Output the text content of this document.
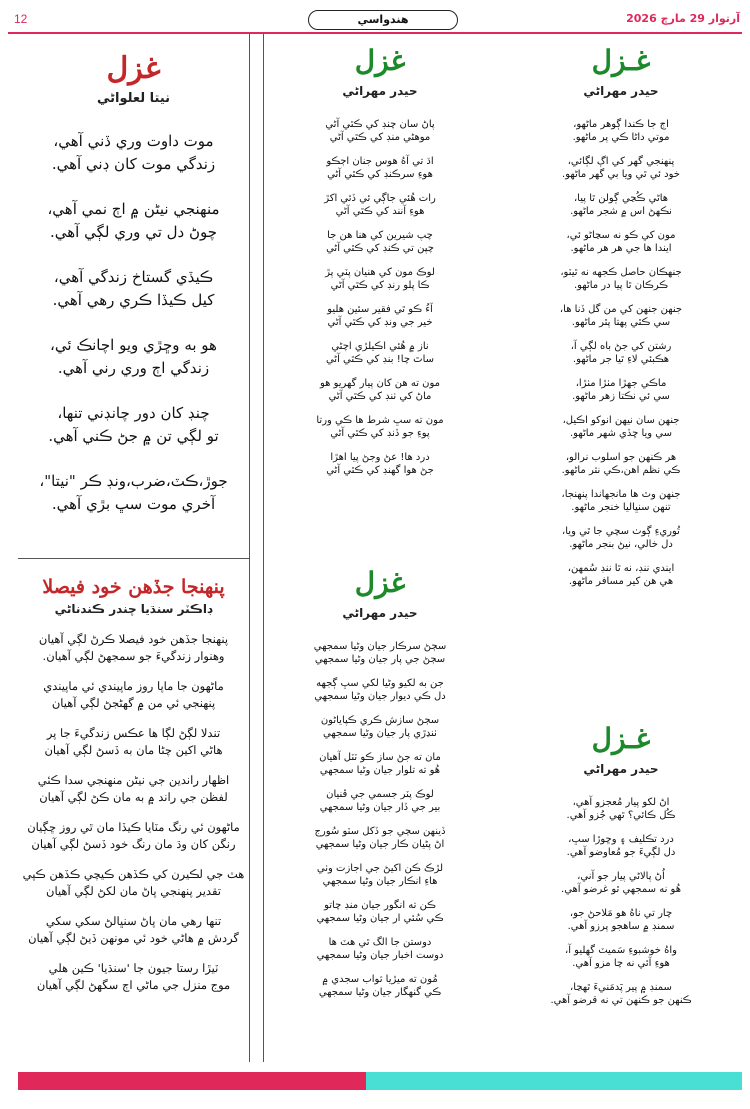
12	هندواسي	آرتوار 29 مارچ 2026
غزل
نيتا لعلواڻي
موت داوت وري ڏني آهي،
زندگي موت کان ڊني آهي.
منهنجي نيڻن ۾ اڄ نمي آهي،
چوڻ دل تي وري لڳي آهي.
ڪيڏي گستاخ زندگي آهي،
کيل ڪيڏا ڪري رهي آهي.
هو به وڇڙي ويو اچانڪ ئي،
زندگي اڄ وري رني آهي.
چنڊ کان دور چانڊني تنها،
تو لڳي تن ۾ جڻ ڪني آهي.
جوڙ،ڪٽ،ضرب،ونڊ ڪر "نيتا"،
آخري موت سڀ بڙي آهي.
پنهنجا جڏهن خود فيصلا
ڊاڪٽر سنڌيا چندر ڪندناڻي
پنهنجا جڏهن خود فيصلا ڪرڻ لڳي آهيان
وهنوار زندگيءَ جو سمجهڻ لڳي آهيان.
ماڻهون جا ماپا روز ماپيندي ئي ماپيندي
پنهنجي ئي من ۾ گهڻجڻ لڳي آهيان
تندلا لڳڻ لڳا ها عڪس زندگيءَ جا پر
هاڻي اکين چڻا مان به ڏسڻ لڳي آهيان
اظهار راندين جي نيڻن منهنجي سدا ڪئي
لفظن جي راند ۾ به مان ڪڻ لڳي آهيان
ماڻهون ئي رنگ مٽايا ڪيڏا مان ٿي روز ڇڳيان
رنگن کان وڌ مان رنگ خود ڏسڻ لڳي آهيان
هٽ جي لڪيرن کي ڪڏهن ڪيچي ڪڏهن ڪپي
تقدير پنهنجي پاڻ مان لکڻ لڳي آهيان
تنها رهي مان پاڻ سنڀالڻ سکي سکي
گردش ۾ هاڻي خود ئي مونهن ڏيڻ لڳي آهيان
ٽيڙا رستا جيون جا 'سنڌيا' ڪين هلي
موج منزل جي ماڻي اڄ سگهڻ لڳي آهيان
غزل
حيدر مهراڻي
پاڻ سان چنڊ کي ڪٿي آڻي
موهڻي منڊ کي ڪٿي آڻي
اڌ تي آهُ هوس جنان اڄڪو
هوءِ سرڪنڊ کي ڪٿي آڻي
رات هُئي جاڳي ئي ڏئي اکڙ
هوءِ آنند کي ڪٿي آڻي
چپ شيرين کي هنا هن جا
چپن تي ڪنڊ کي ڪٿي آڻي
لوڪ مون کي هنيان پٽي پڙ
ڪا پلو رنڊ کي ڪٿي آڻي
آءُ ڪو ٿي فقير سئين هليو
خير جي ونڊ کي ڪٿي آڻي
ناز ۾ هُئي اڪيلڙي اچڻي
ساٿ چا! بنڊ کي ڪٿي آڻي
مون ته هن کان پيار گهريو هو
ماڻ کي ٺنڊ کي ڪٿي آڻي
مون ته سڀ شرط ها ڪي ورتا
پوءِ جو ڏنڊ کي ڪٿي آڻي
درد ها! عڻ وجڻ پيا اهڙا
جڻ هوا گهنڊ کي ڪٿي آڻي
غزل
حيدر مهراڻي
سڄڻ سرڪار جيان وڻيا سمجهي
سڄڻ جي پار جيان وڻيا سمجهي
جن به لکيو وڻيا لکي سڀ ڳجهه
دل ڪي ديوار جيان وڻيا سمجهي
سڄڻ سازش ڪري ڪپاياڻون
ٺنڍڙي پار جيان وڻيا سمجهي
مان ته جڻ ساز ڪو ٽٽل آهيان
هُو ته تلوار جيان وڻيا سمجهي
لوڪ پٽر جسمي جي ڦنيان
بير جي ڏار جيان وڻيا سمجهي
ڏينهن سڄي جو ڏکل سٽو سُورج
اڻ پڻيان ڪار جيان وڻيا سمجهي
لڙڪ ڪن اکيڻ جي اجازت وٺي
هاءِ انڪار جيان وڻيا سمجهي
ڪن ته انگور جيان منڊ چاتو
ڪي سُئي ار جيان وڻيا سمجهي
دوستن جا الگ ٿي هٽ ها
دوست اخبار جيان وڻيا سمجهي
مُون ته ميڙيا ثواب سجدي ۾
ڪي گنهگار جيان وڻيا سمجهي
غـزل
حيدر مهراڻي
اڄ جا ڪندا ڳوهر ماڻهو،
موتي داڻا ڪي پر ماڻهو.
پنهنجي گهر کي اڳ لڳائي،
خود ئي ٿي ويا بي گهر ماڻهو.
هاڻي ڪُڃي ڳولن ٿا پيا،
نڪهڻ اس ۾ شجر ماڻهو.
مون کي ڪو نه سڃاڻو ئي،
ايندا ها جي هر هر ماڻهو.
جنهڪان حاصل ڪجهه نه ٿيٽو،
ڪرڪان ٿا پيا در ماڻهو.
جنهن جنهن کي من گل ڏنا ها،
سي ڪٿي پهتا پٿر ماڻهو.
رشتن کي جڻ باه لڳي آ،
هڪبئي لاءِ ٿيا جر ماڻهو.
ماڪي جهڙا مٺڙا مٺڙا،
سي ئي نڪتا زهر ماڻهو.
جنهن سان نيهن انوکو اڪيل،
سي ويا ڇڏي شهر ماڻهو.
هر ڪنهن جو اسلوب نرالو،
ڪي نظم اهن،ڪي نثر ماڻهو.
جنهن وٽ ها مانجهاندا پنهنجا،
تنهن سنڀاليا خنجر ماڻهو.
تُوريءِ ڳوٺ سچي جا ٿي ويا،
دل خالي، نيڻ بنجر ماڻهو.
ايندي ننڊ، نه ٿا ننڊ سُمهن،
هي هن کير مسافر ماڻهو.
غـزل
حيدر مهراڻي
اڻ لکو پيار مُعجزو آهي،
ڪُل ڪائي؟ ٿهي جُزو آهي.
درد تڪليف ۽ وڇوڙا سڀ،
دل لڳيءَ جو مُعاوضو آهي.
اُڻ پالاڻي پيار جو آني،
هُو نه سمجهي ٿو غرضو آهي.
چار تي ناهُ هو مَلاحڻ جو،
سمنڊ ۾ ساهجو پرزو آهي.
واهُ خوشبوءِ سَميٽ گهليو آ،
هوءِ آئي نه چا مزو آهي.
سمنڊ ۾ پير پَدمَنيءَ ٿهڃا،
ڪنهن جو ڪنهن تي نه قرضو آهي.
